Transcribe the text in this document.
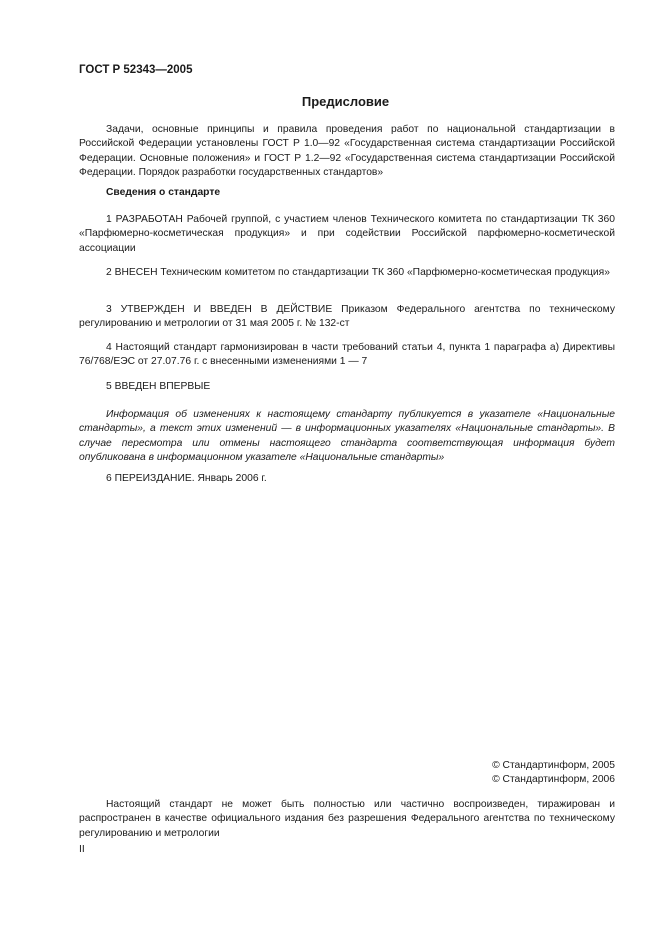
ГОСТ Р 52343—2005
Предисловие
Задачи, основные принципы и правила проведения работ по национальной стандартизации в Российской Федерации установлены ГОСТ Р 1.0—92 «Государственная система стандартизации Российской Федерации. Основные положения» и ГОСТ Р 1.2—92 «Государственная система стандартизации Российской Федерации. Порядок разработки государственных стандартов»
Сведения о стандарте
1 РАЗРАБОТАН Рабочей группой, с участием членов Технического комитета по стандартизации ТК 360 «Парфюмерно-косметическая продукция» и при содействии Российской парфюмерно-косметической ассоциации
2 ВНЕСЕН Техническим комитетом по стандартизации ТК 360 «Парфюмерно-косметическая продукция»
3 УТВЕРЖДЕН И ВВЕДЕН В ДЕЙСТВИЕ Приказом Федерального агентства по техническому регулированию и метрологии от 31 мая 2005 г. № 132-ст
4 Настоящий стандарт гармонизирован в части требований статьи 4, пункта 1 параграфа а) Директивы 76/768/ЕЭС от 27.07.76 г. с внесенными изменениями 1 — 7
5 ВВЕДЕН ВПЕРВЫЕ
Информация об изменениях к настоящему стандарту публикуется в указателе «Национальные стандарты», а текст этих изменений — в информационных указателях «Национальные стандарты». В случае пересмотра или отмены настоящего стандарта соответствующая информация будет опубликована в информационном указателе «Национальные стандарты»
6 ПЕРЕИЗДАНИЕ. Январь 2006 г.
© Стандартинформ, 2005
© Стандартинформ, 2006
Настоящий стандарт не может быть полностью или частично воспроизведен, тиражирован и распространен в качестве официального издания без разрешения Федерального агентства по техническому регулированию и метрологии
II
